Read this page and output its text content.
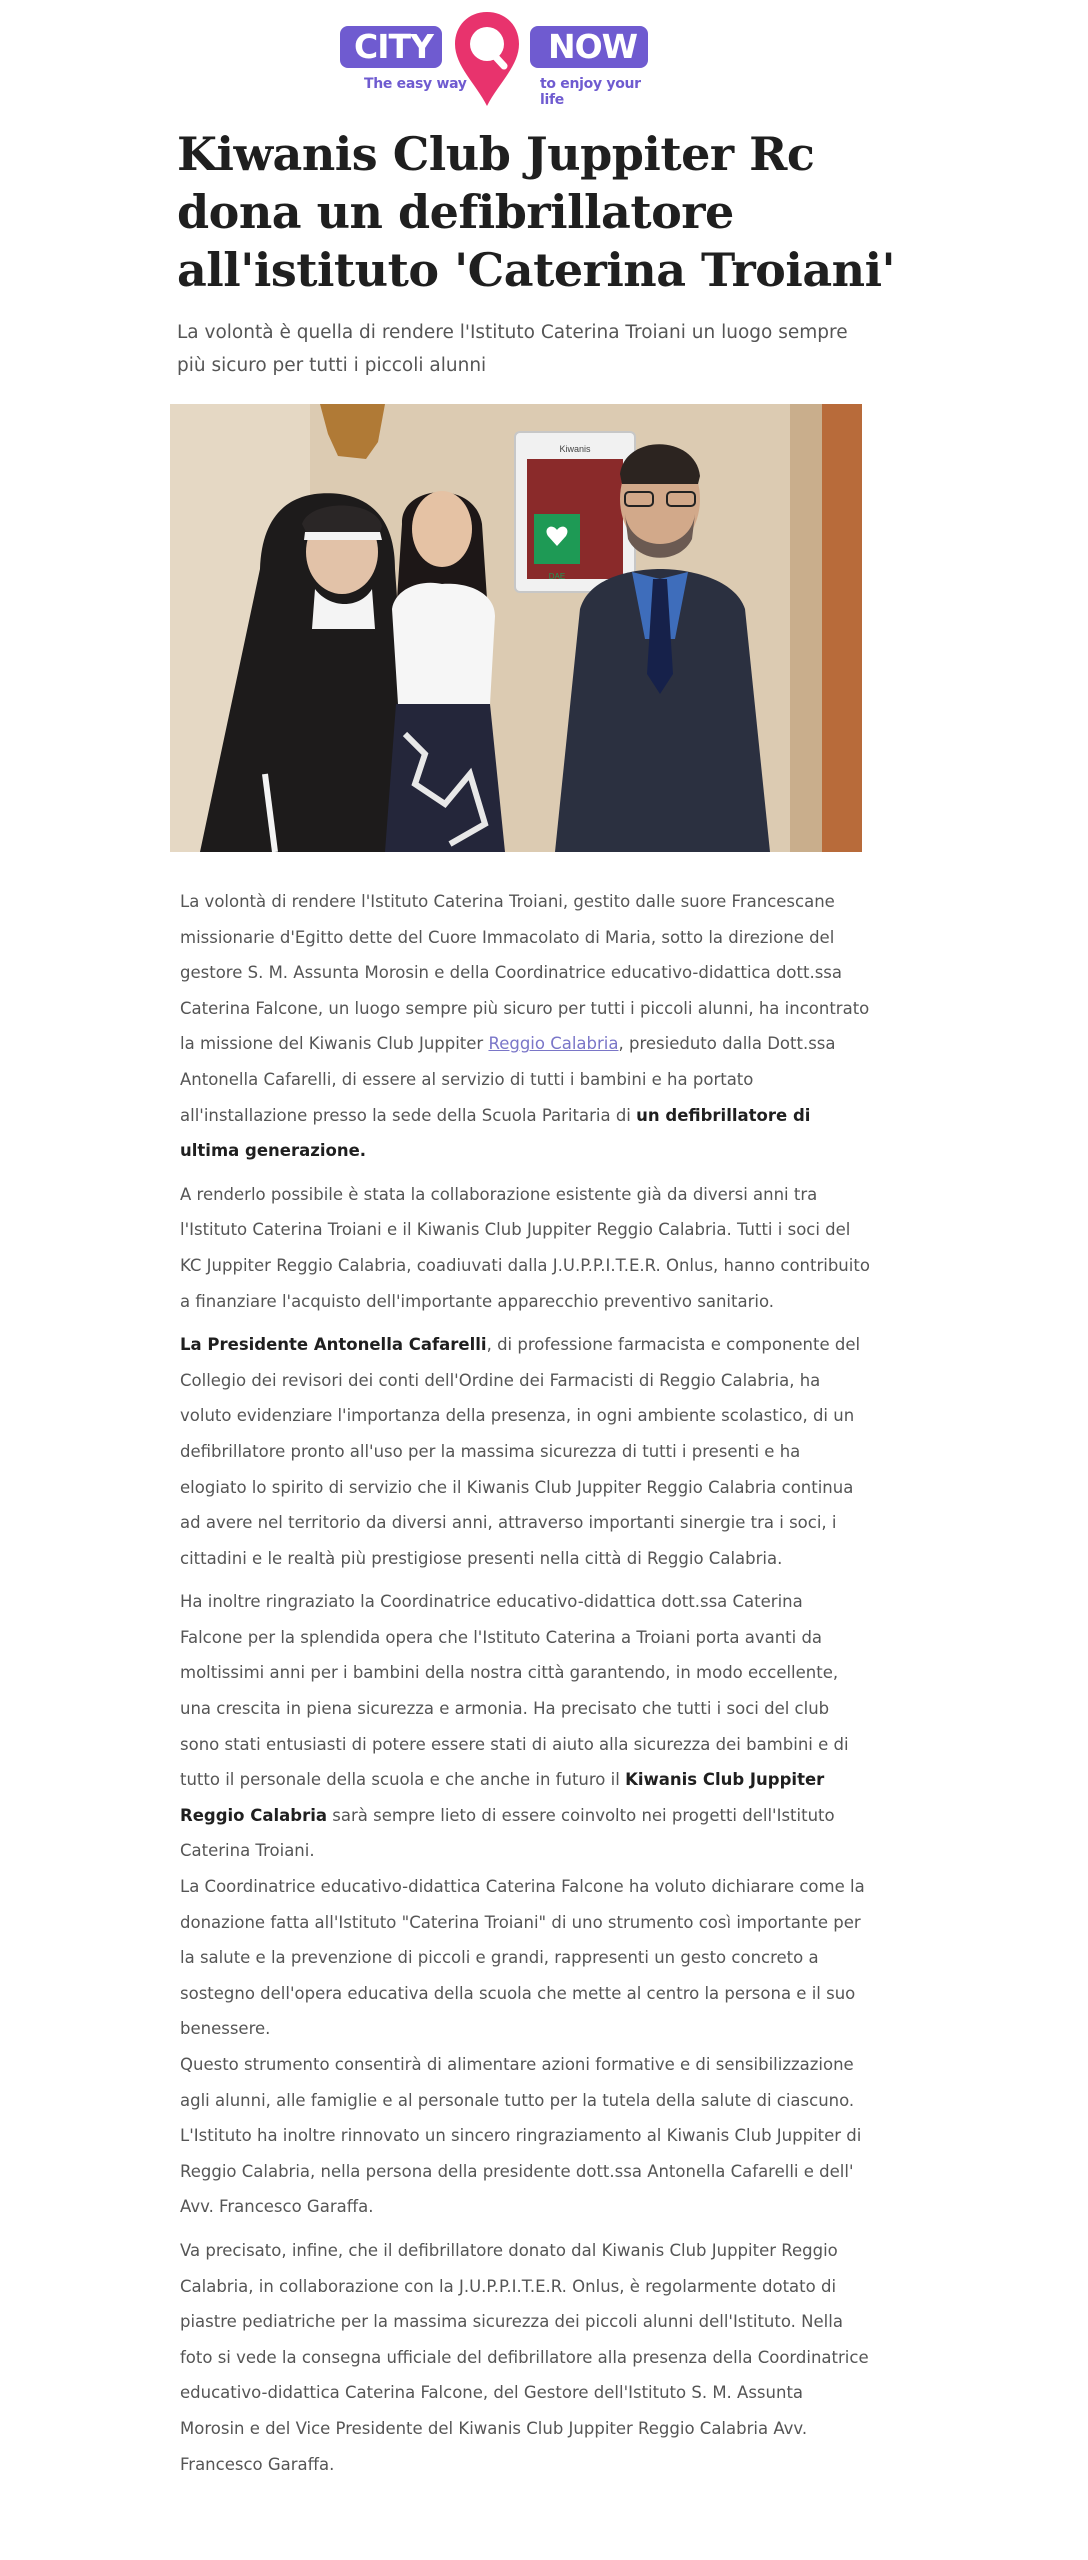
CITY	NOW
The easy way	to enjoy your life
Kiwanis Club Juppiter Rc dona un defibrillatore all'istituto 'Caterina Troiani'

La volontà è quella di rendere l'Istituto Caterina Troiani un luogo sempre più sicuro per tutti i piccoli alunni

Kiwanis
DAE

La volontà di rendere l'Istituto Caterina Troiani, gestito dalle suore Francescane missionarie d'Egitto dette del Cuore Immacolato di Maria, sotto la direzione del gestore S. M. Assunta Morosin e della Coordinatrice educativo-didattica dott.ssa Caterina Falcone, un luogo sempre più sicuro per tutti i piccoli alunni, ha incontrato la missione del Kiwanis Club Juppiter Reggio Calabria, presieduto dalla Dott.ssa Antonella Cafarelli, di essere al servizio di tutti i bambini e ha portato all'installazione presso la sede della Scuola Paritaria di un defibrillatore di ultima generazione.

A renderlo possibile è stata la collaborazione esistente già da diversi anni tra l'Istituto Caterina Troiani e il Kiwanis Club Juppiter Reggio Calabria. Tutti i soci del KC Juppiter Reggio Calabria, coadiuvati dalla J.U.P.P.I.T.E.R. Onlus, hanno contribuito a finanziare l'acquisto dell'importante apparecchio preventivo sanitario.

La Presidente Antonella Cafarelli, di professione farmacista e componente del Collegio dei revisori dei conti dell'Ordine dei Farmacisti di Reggio Calabria, ha voluto evidenziare l'importanza della presenza, in ogni ambiente scolastico, di un defibrillatore pronto all'uso per la massima sicurezza di tutti i presenti e ha elogiato lo spirito di servizio che il Kiwanis Club Juppiter Reggio Calabria continua ad avere nel territorio da diversi anni, attraverso importanti sinergie tra i soci, i cittadini e le realtà più prestigiose presenti nella città di Reggio Calabria.

Ha inoltre ringraziato la Coordinatrice educativo-didattica dott.ssa Caterina Falcone per la splendida opera che l'Istituto Caterina a Troiani porta avanti da moltissimi anni per i bambini della nostra città garantendo, in modo eccellente, una crescita in piena sicurezza e armonia. Ha precisato che tutti i soci del club sono stati entusiasti di potere essere stati di aiuto alla sicurezza dei bambini e di tutto il personale della scuola e che anche in futuro il Kiwanis Club Juppiter Reggio Calabria sarà sempre lieto di essere coinvolto nei progetti dell'Istituto Caterina Troiani.

La Coordinatrice educativo-didattica Caterina Falcone ha voluto dichiarare come la donazione fatta all'Istituto "Caterina Troiani" di uno strumento così importante per la salute e la prevenzione di piccoli e grandi, rappresenti un gesto concreto a sostegno dell'opera educativa della scuola che mette al centro la persona e il suo benessere.

Questo strumento consentirà di alimentare azioni formative e di sensibilizzazione agli alunni, alle famiglie e al personale tutto per la tutela della salute di ciascuno.

L'Istituto ha inoltre rinnovato un sincero ringraziamento al Kiwanis Club Juppiter di Reggio Calabria, nella persona della presidente dott.ssa Antonella Cafarelli e dell' Avv. Francesco Garaffa.

Va precisato, infine, che il defibrillatore donato dal Kiwanis Club Juppiter Reggio Calabria, in collaborazione con la J.U.P.P.I.T.E.R. Onlus, è regolarmente dotato di piastre pediatriche per la massima sicurezza dei piccoli alunni dell'Istituto. Nella foto si vede la consegna ufficiale del defibrillatore alla presenza della Coordinatrice educativo-didattica Caterina Falcone, del Gestore dell'Istituto S. M. Assunta Morosin e del Vice Presidente del Kiwanis Club Juppiter Reggio Calabria Avv. Francesco Garaffa.
